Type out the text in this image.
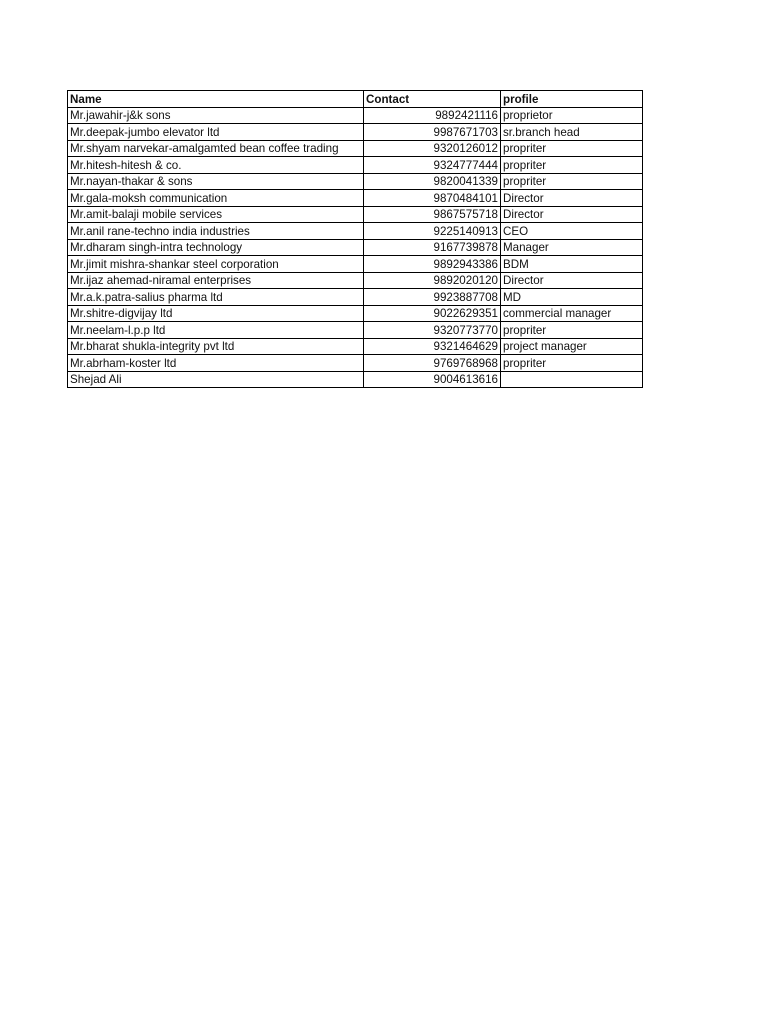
Name	Contact	profile
Mr.jawahir-j&k sons	9892421116	proprietor
Mr.deepak-jumbo elevator ltd	9987671703	sr.branch head
Mr.shyam narvekar-amalgamted bean coffee trading	9320126012	propriter
Mr.hitesh-hitesh & co.	9324777444	propriter
Mr.nayan-thakar & sons	9820041339	propriter
Mr.gala-moksh communication	9870484101	Director
Mr.amit-balaji mobile services	9867575718	Director
Mr.anil rane-techno india industries	9225140913	CEO
Mr.dharam singh-intra technology	9167739878	Manager
Mr.jimit mishra-shankar steel corporation	9892943386	BDM
Mr.ijaz ahemad-niramal enterprises	9892020120	Director
Mr.a.k.patra-salius pharma ltd	9923887708	MD
Mr.shitre-digvijay ltd	9022629351	commercial manager
Mr.neelam-l.p.p ltd	9320773770	propriter
Mr.bharat shukla-integrity pvt ltd	9321464629	project manager
Mr.abrham-koster ltd	9769768968	propriter
Shejad Ali	9004613616	
